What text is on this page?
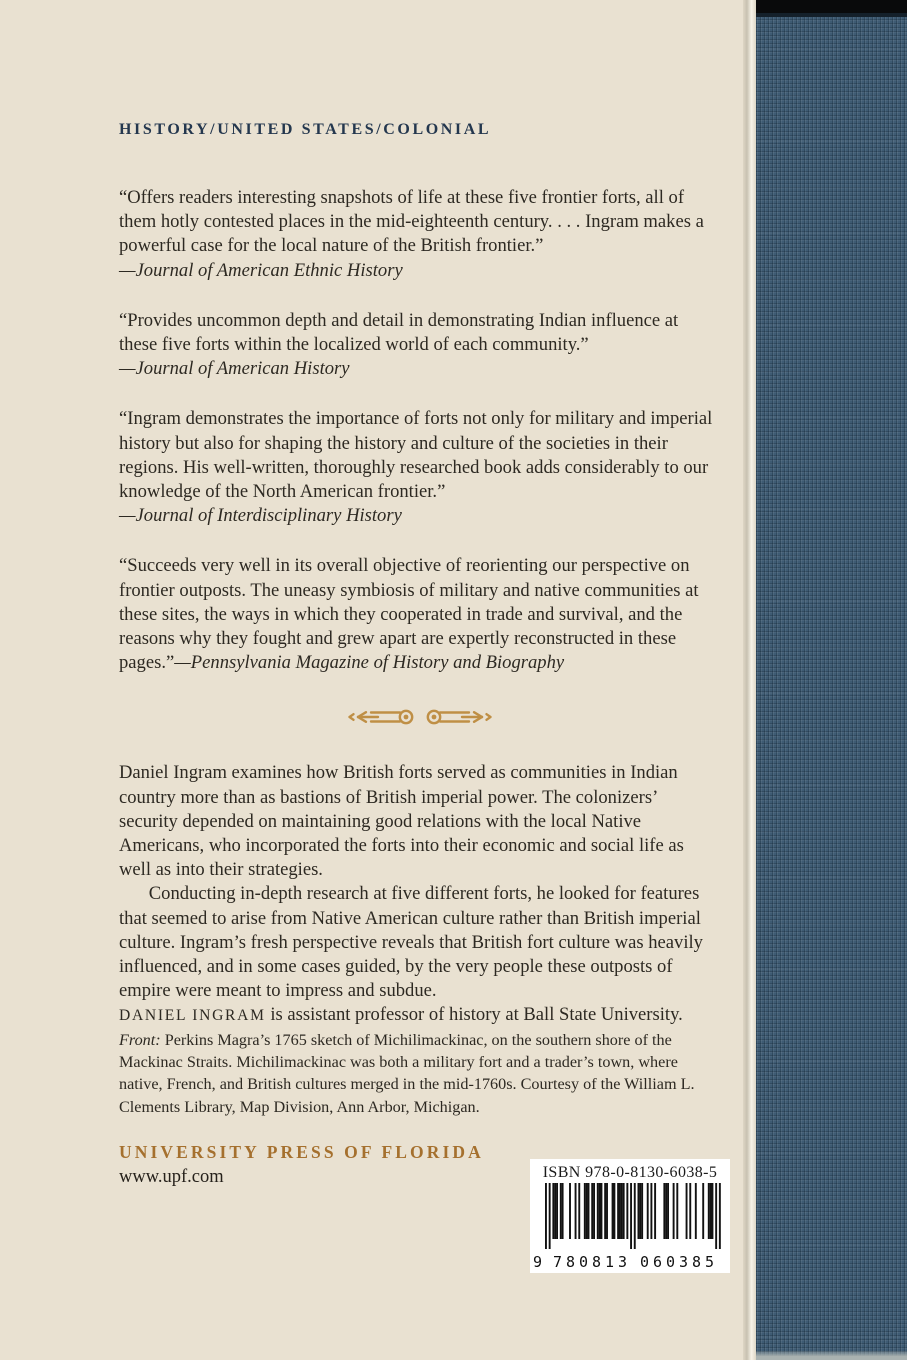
HISTORY/UNITED STATES/COLONIAL

“Offers readers interesting snapshots of life at these five frontier forts, all of them hotly contested places in the mid-eighteenth century. . . . Ingram makes a powerful case for the local nature of the British frontier.”

—Journal of American Ethnic History

“Provides uncommon depth and detail in demonstrating Indian influence at these five forts within the localized world of each community.”

—Journal of American History

“Ingram demonstrates the importance of forts not only for military and imperial history but also for shaping the history and culture of the societies in their regions. His well-written, thoroughly researched book adds considerably to our knowledge of the North American frontier.”

—Journal of Interdisciplinary History

“Succeeds very well in its overall objective of reorienting our perspective on frontier outposts. The uneasy symbiosis of military and native communities at these sites, the ways in which they cooperated in trade and survival, and the reasons why they fought and grew apart are expertly reconstructed in these pages.”—Pennsylvania Magazine of History and Biography

Daniel Ingram examines how British forts served as communities in Indian country more than as bastions of British imperial power. The colonizers’ security depended on maintaining good relations with the local Native Americans, who incorporated the forts into their economic and social life as well as into their strategies.

Conducting in-depth research at five different forts, he looked for features that seemed to arise from Native American culture rather than British imperial culture. Ingram’s fresh perspective reveals that British fort culture was heavily influenced, and in some cases guided, by the very people these outposts of empire were meant to impress and subdue.

DANIEL INGRAM is assistant professor of history at Ball State University.

Front: Perkins Magra’s 1765 sketch of Michilimackinac, on the southern shore of the Mackinac Straits. Michilimackinac was both a military fort and a trader’s town, where native, French, and British cultures merged in the mid-1760s. Courtesy of the William L. Clements Library, Map Division, Ann Arbor, Michigan.

UNIVERSITY PRESS OF FLORIDA
www.upf.com	ISBN 978-0-8130-6038-5
9 780813 060385
